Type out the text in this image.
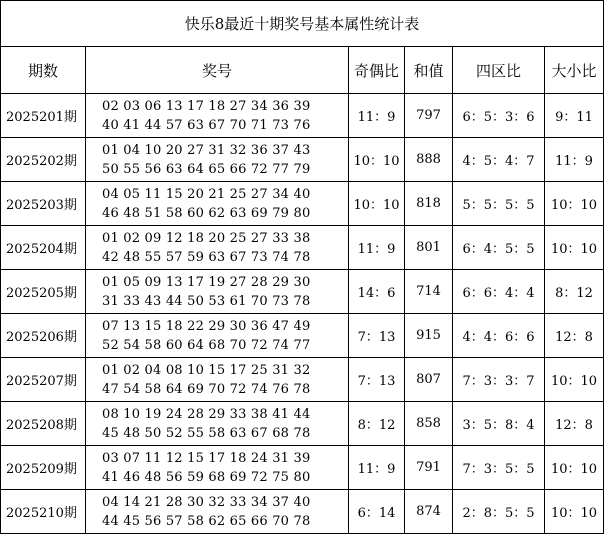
快乐8最近十期奖号基本属性统计表					
期数	奖号	奇偶比	和值	四区比	大小比
2025201期	02 03 06 13 17 18 27 34 36 39
40 41 44 57 63 67 70 71 73 76	11：9	797	6：5：3：6	9：11
2025202期	01 04 10 20 27 31 32 36 37 43
50 55 56 63 64 65 66 72 77 79	10：10	888	4：5：4：7	11：9
2025203期	04 05 11 15 20 21 25 27 34 40
46 48 51 58 60 62 63 69 79 80	10：10	818	5：5：5：5	10：10
2025204期	01 02 09 12 18 20 25 27 33 38
42 48 55 57 59 63 67 73 74 78	11：9	801	6：4：5：5	10：10
2025205期	01 05 09 13 17 19 27 28 29 30
31 33 43 44 50 53 61 70 73 78	14：6	714	6：6：4：4	8：12
2025206期	07 13 15 18 22 29 30 36 47 49
52 54 58 60 64 68 70 72 74 77	7：13	915	4：4：6：6	12：8
2025207期	01 02 04 08 10 15 17 25 31 32
47 54 58 64 69 70 72 74 76 78	7：13	807	7：3：3：7	10：10
2025208期	08 10 19 24 28 29 33 38 41 44
45 48 50 52 55 58 63 67 68 78	8：12	858	3：5：8：4	12：8
2025209期	03 07 11 12 15 17 18 24 31 39
41 46 48 56 59 68 69 72 75 80	11：9	791	7：3：5：5	10：10
2025210期	04 14 21 28 30 32 33 34 37 40
44 45 56 57 58 62 65 66 70 78	6：14	874	2：8：5：5	10：10
